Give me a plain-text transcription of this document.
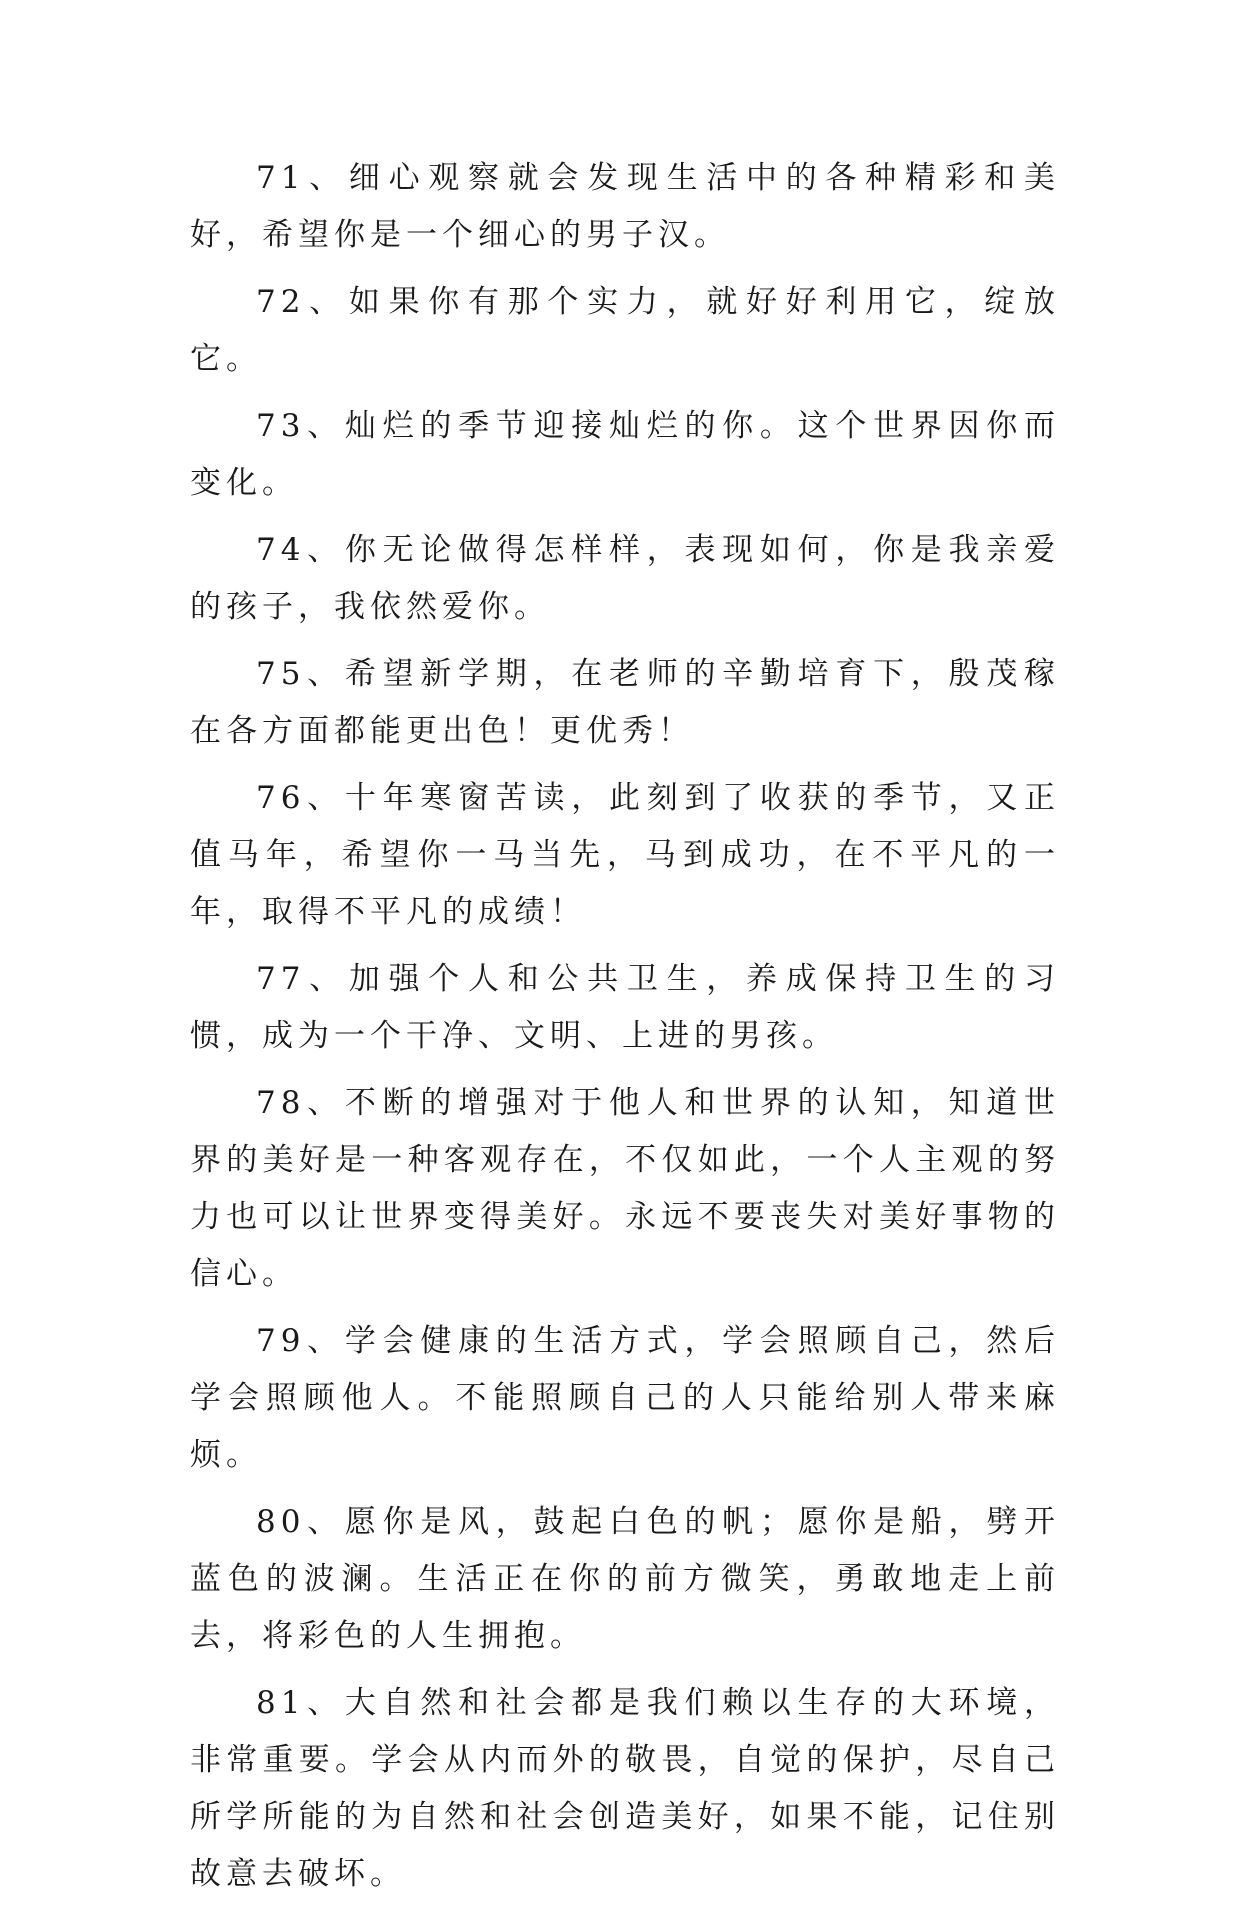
71、细心观察就会发现生活中的各种精彩和美好，希望你是一个细心的男子汉。

72、如果你有那个实力，就好好利用它，绽放它。

73、灿烂的季节迎接灿烂的你。这个世界因你而变化。

74、你无论做得怎样样，表现如何，你是我亲爱的孩子，我依然爱你。

75、希望新学期，在老师的辛勤培育下，殷茂稼在各方面都能更出色！更优秀！

76、十年寒窗苦读，此刻到了收获的季节，又正值马年，希望你一马当先，马到成功，在不平凡的一年，取得不平凡的成绩！

77、加强个人和公共卫生，养成保持卫生的习惯，成为一个干净、文明、上进的男孩。

78、不断的增强对于他人和世界的认知，知道世界的美好是一种客观存在，不仅如此，一个人主观的努力也可以让世界变得美好。永远不要丧失对美好事物的信心。

79、学会健康的生活方式，学会照顾自己，然后学会照顾他人。不能照顾自己的人只能给别人带来麻烦。

80、愿你是风，鼓起白色的帆；愿你是船，劈开蓝色的波澜。生活正在你的前方微笑，勇敢地走上前去，将彩色的人生拥抱。

81、大自然和社会都是我们赖以生存的大环境，非常重要。学会从内而外的敬畏，自觉的保护，尽自己所学所能的为自然和社会创造美好，如果不能，记住别故意去破坏。
